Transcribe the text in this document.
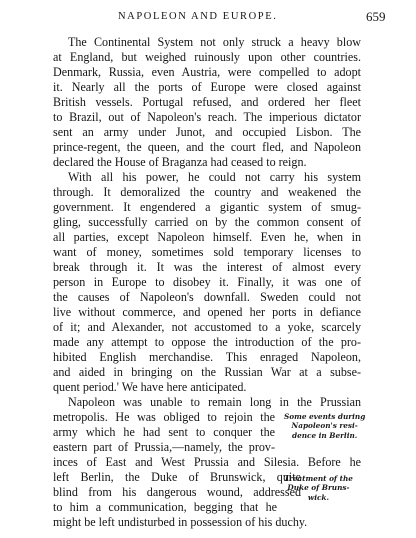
NAPOLEON AND EUROPE.	659
The Continental System not only struck a heavy blow
at England, but weighed ruinously upon other countries.
Denmark, Russia, even Austria, were compelled to adopt
it. Nearly all the ports of Europe were closed against
British vessels. Portugal refused, and ordered her fleet
to Brazil, out of Napoleon's reach. The imperious dictator
sent an army under Junot, and occupied Lisbon. The
prince-regent, the queen, and the court fled, and Napoleon
declared the House of Braganza had ceased to reign.
With all his power, he could not carry his system
through. It demoralized the country and weakened the
government. It engendered a gigantic system of smug-
gling, successfully carried on by the common consent of
all parties, except Napoleon himself. Even he, when in
want of money, sometimes sold temporary licenses to
break through it. It was the interest of almost every
person in Europe to disobey it. Finally, it was one of
the causes of Napoleon's downfall. Sweden could not
live without commerce, and opened her ports in defiance
of it; and Alexander, not accustomed to a yoke, scarcely
made any attempt to oppose the introduction of the pro-
hibited English merchandise. This enraged Napoleon,
and aided in bringing on the Russian War at a subse-
quent period.' We have here anticipated.
Napoleon was unable to remain long in the Prussian
metropolis. He was obliged to rejoin the
army which he had sent to conquer the
eastern part of Prussia,—namely, the prov-
inces of East and West Prussia and Silesia. Before he
left Berlin, the Duke of Brunswick, quite
blind from his dangerous wound, addressed
to him a communication, begging that he
might be left undisturbed in possession of his duchy.
Some events during
Napoleon's resi-
dence in Berlin.
Treatment of the
Duke of Bruns-
wick.
